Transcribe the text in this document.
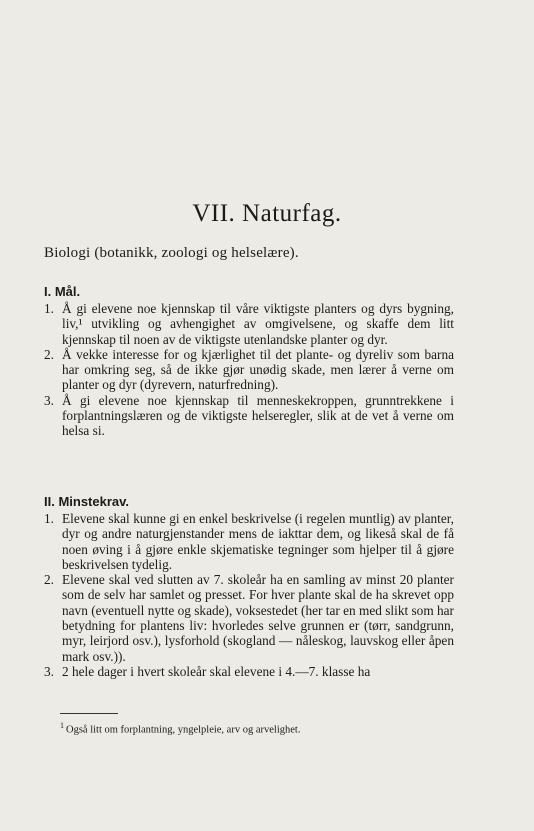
VII. Naturfag.
Biologi (botanikk, zoologi og helselære).
I. Mål.
1. Å gi elevene noe kjennskap til våre viktigste planters og dyrs bygning, liv,¹ utvikling og avhengighet av omgivelsene, og skaffe dem litt kjennskap til noen av de viktigste utenlandske planter og dyr.
2. Å vekke interesse for og kjærlighet til det plante- og dyreliv som barna har omkring seg, så de ikke gjør unødig skade, men lærer å verne om planter og dyr (dyrevern, naturfredning).
3. Å gi elevene noe kjennskap til menneskekroppen, grunntrekkene i forplantningslæren og de viktigste helseregler, slik at de vet å verne om helsa si.
II. Minstekrav.
1. Elevene skal kunne gi en enkel beskrivelse (i regelen muntlig) av planter, dyr og andre naturgjenstander mens de iakttar dem, og likeså skal de få noen øving i å gjøre enkle skjematiske tegninger som hjelper til å gjøre beskrivelsen tydelig.
2. Elevene skal ved slutten av 7. skoleår ha en samling av minst 20 planter som de selv har samlet og presset. For hver plante skal de ha skrevet opp navn (eventuell nytte og skade), voksestedet (her tar en med slikt som har betydning for plantens liv: hvorledes selve grunnen er (tørr, sandgrunn, myr, leirjord osv.), lysforhold (skogland — nåleskog, lauvskog eller åpen mark osv.)).
3. 2 hele dager i hvert skoleår skal elevene i 4.—7. klasse ha
$^1$ Også litt om forplantning, yngelpleie, arv og arvelighet.
